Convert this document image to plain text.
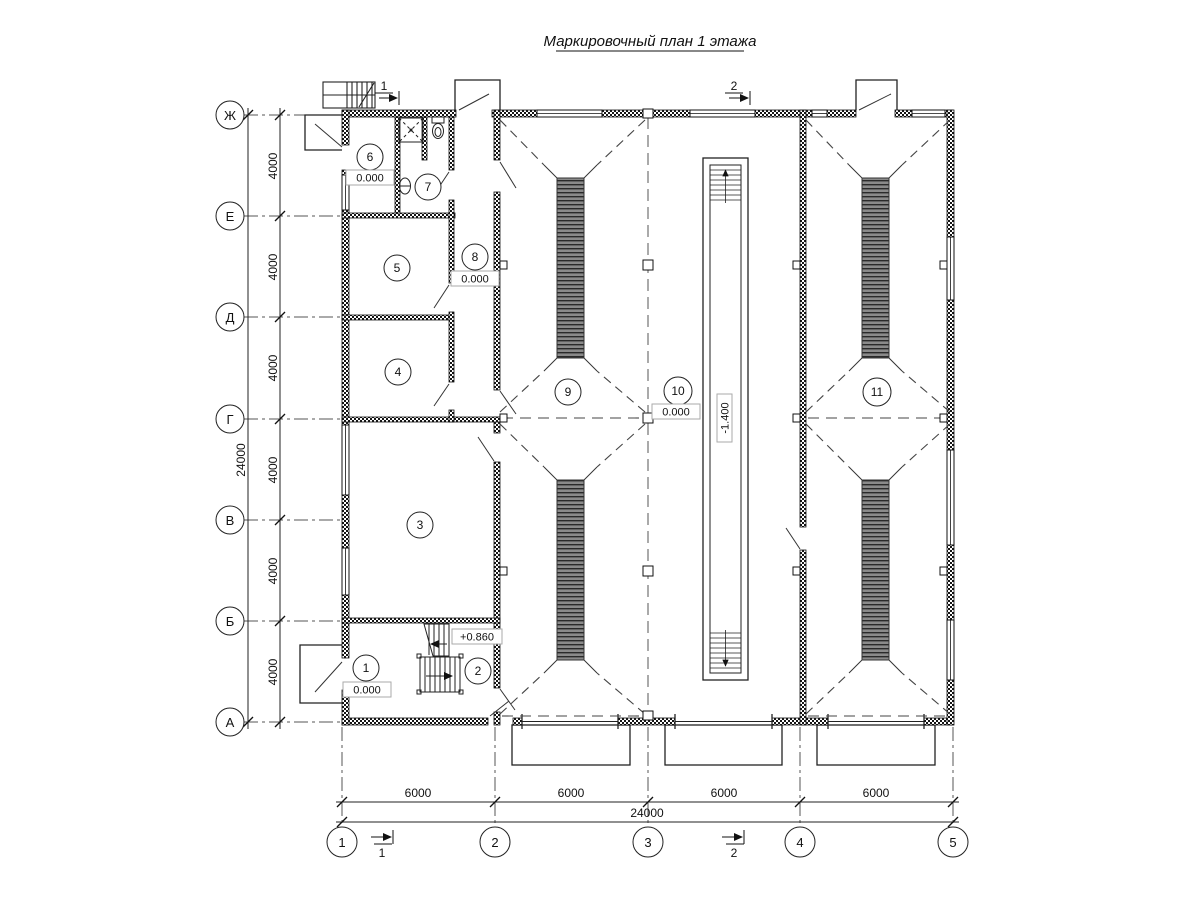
Маркировочный план 1 этажа
4000
4000
4000
4000
4000
4000
24000
6000	6000	6000	6000
24000
Ж
Е
Д
Г
В
Б
А
1	2	3	4	5
1	2
3
4
5
6
7
8
9	10	11
0.000
0.000
0.000
+0.860
0.000	-1.400
1	2
1	2
